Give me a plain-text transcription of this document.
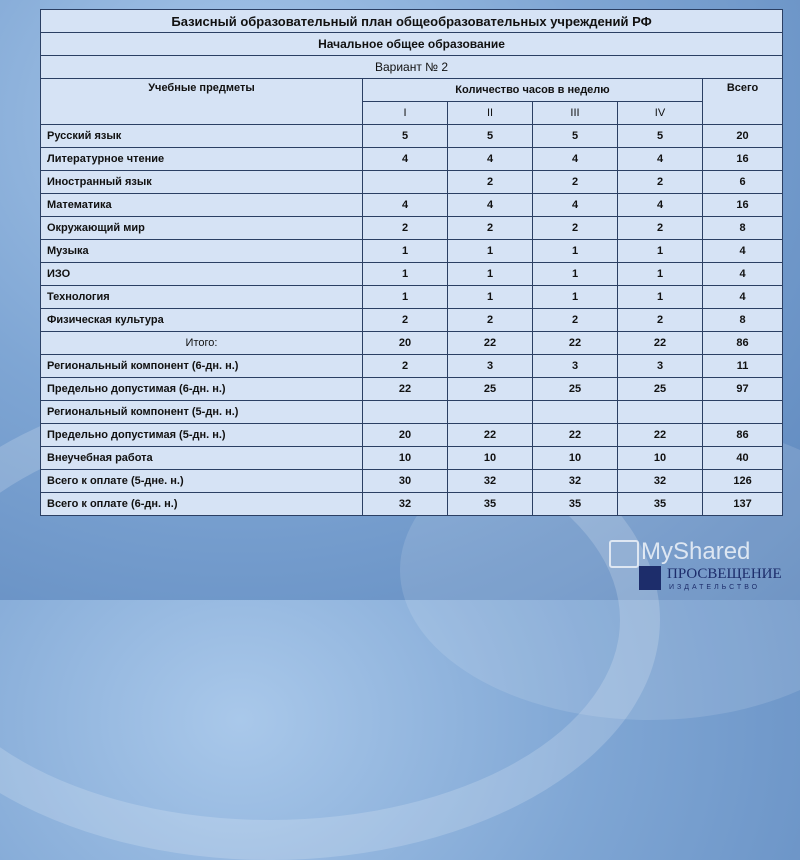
Базисный образовательный план общеобразовательных учреждений РФ					
Начальное общее образование					
Вариант № 2					
Учебные предметы	Количество часов в неделю				Всего
	I	II	III	IV	
Русский язык	5	5	5	5	20
Литературное чтение	4	4	4	4	16
Иностранный язык		2	2	2	6
Математика	4	4	4	4	16
Окружающий мир	2	2	2	2	8
Музыка	1	1	1	1	4
ИЗО	1	1	1	1	4
Технология	1	1	1	1	4
Физическая культура	2	2	2	2	8
Итого:	20	22	22	22	86
Региональный компонент (6-дн. н.)	2	3	3	3	11
Предельно допустимая (6-дн. н.)	22	25	25	25	97
Региональный компонент (5-дн. н.)					
Предельно допустимая (5-дн. н.)	20	22	22	22	86
Внеучебная работа	10	10	10	10	40
Всего к оплате (5-дне. н.)	30	32	32	32	126
Всего к оплате (6-дн. н.)	32	35	35	35	137
MyShared
ПРОСВЕЩЕНИЕ
ИЗДАТЕЛЬСТВО
